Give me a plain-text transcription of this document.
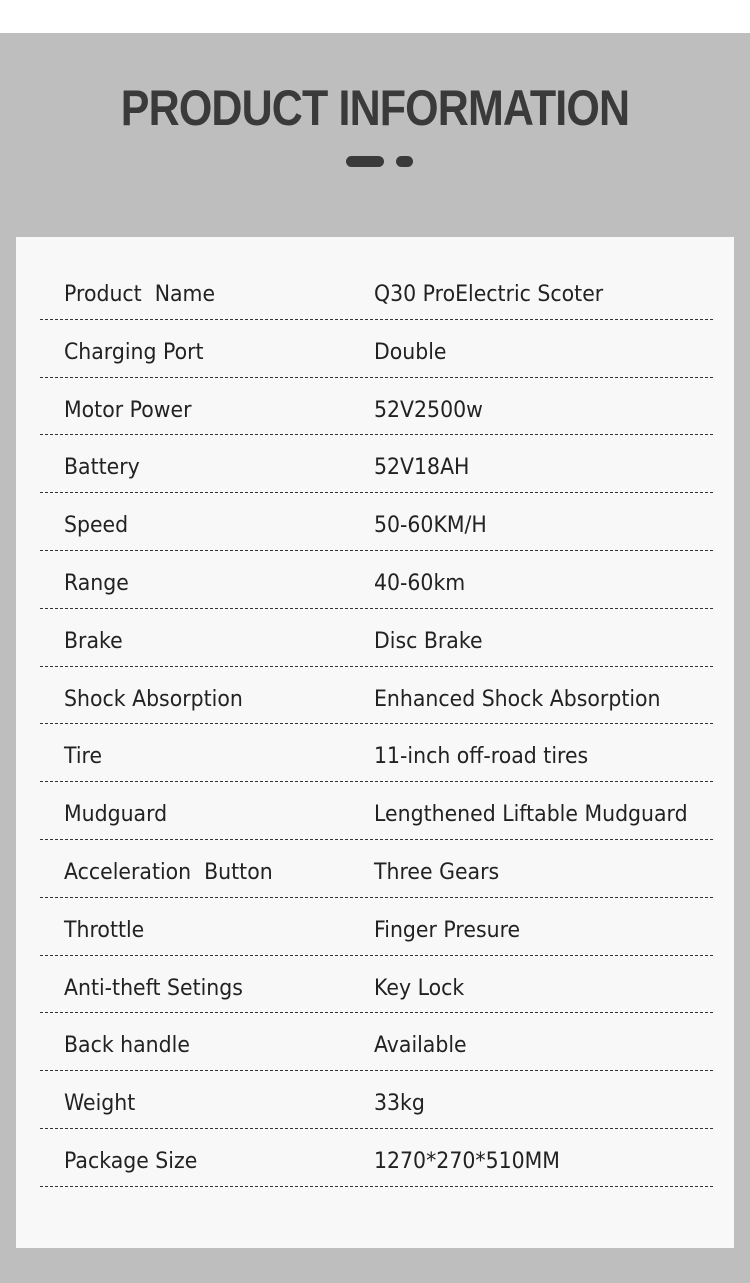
PRODUCT INFORMATION
Product  Name	Q30 ProElectric Scoter
Charging Port	Double
Motor Power	52V2500w
Battery	52V18AH
Speed	50-60KM/H
Range	40-60km
Brake	Disc Brake
Shock Absorption	Enhanced Shock Absorption
Tire	11-inch off-road tires
Mudguard	Lengthened Liftable Mudguard
Acceleration  Button	Three Gears
Throttle	Finger Presure
Anti-theft Setings	Key Lock
Back handle	Available
Weight	33kg
Package Size	1270*270*510MM
